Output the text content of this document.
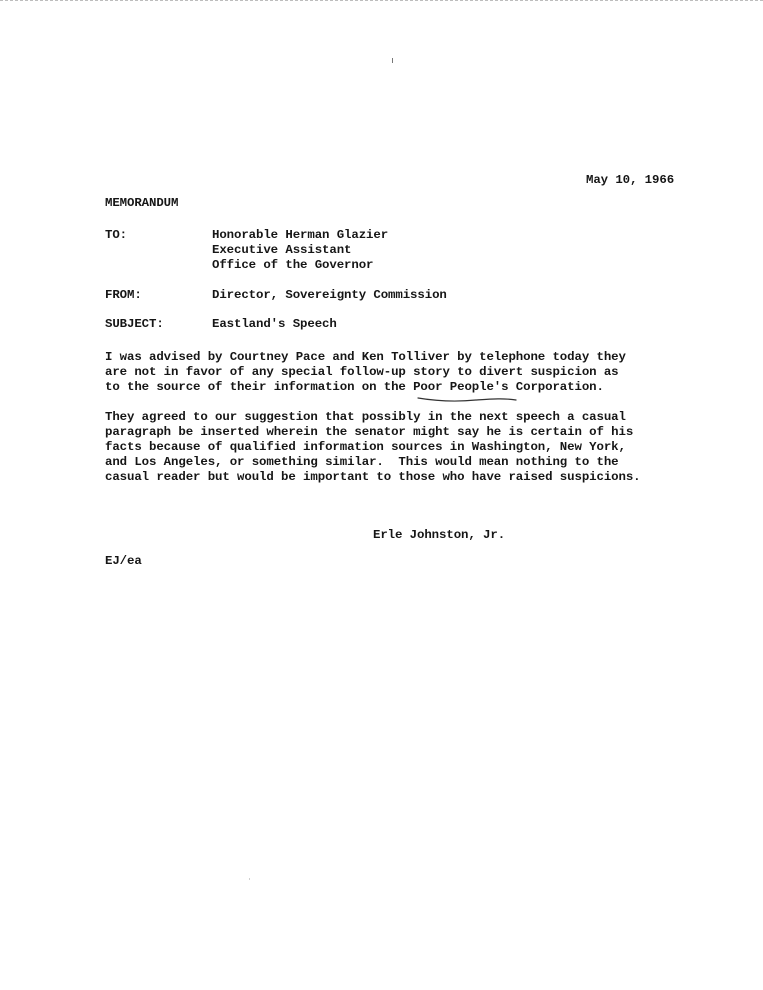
May 10, 1966
MEMORANDUM
TO:	Honorable Herman Glazier
Executive Assistant
Office of the Governor
FROM:	Director, Sovereignty Commission
SUBJECT:	Eastland's Speech
I was advised by Courtney Pace and Ken Tolliver by telephone today they
are not in favor of any special follow-up story to divert suspicion as
to the source of their information on the Poor People's Corporation.
They agreed to our suggestion that possibly in the next speech a casual
paragraph be inserted wherein the senator might say he is certain of his
facts because of qualified information sources in Washington, New York,
and Los Angeles, or something similar.  This would mean nothing to the
casual reader but would be important to those who have raised suspicions.
Erle Johnston, Jr.
EJ/ea
